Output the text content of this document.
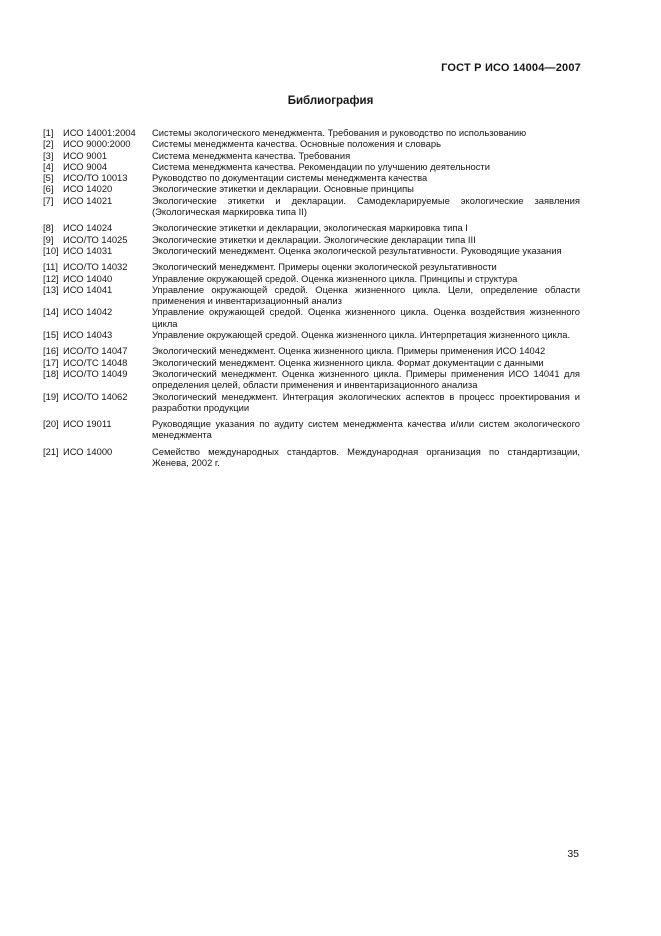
ГОСТ Р ИСО 14004—2007
Библиография
[1]	ИСО 14001:2004 Системы экологического менеджмента. Требования и руководство по использованию
[2]	ИСО 9000:2000 Системы менеджмента качества. Основные положения и словарь
[3]	ИСО 9001	Система менеджмента качества. Требования
[4]	ИСО 9004	Система менеджмента качества. Рекомендации по улучшению деятельности
[5]	ИСО/ТО 10013	Руководство по документации системы менеджмента качества
[6]	ИСО 14020	Экологические этикетки и декларации. Основные принципы
[7]	ИСО 14021	Экологические этикетки и декларации. Самодекларируемые экологические заявления (Экологическая маркировка типа II)
[8]	ИСО 14024	Экологические этикетки и декларации, экологическая маркировка типа I
[9]	ИСО/ТО 14025	Экологические этикетки и декларации. Экологические декларации типа III
[10] ИСО 14031	Экологический менеджмент. Оценка экологической результативности. Руководящие указания
[11] ИСО/ТО 14032	Экологический менеджмент. Примеры оценки экологической результативности
[12] ИСО 14040	Управление окружающей средой. Оценка жизненного цикла. Принципы и структура
[13] ИСО 14041	Управление окружающей средой. Оценка жизненного цикла. Цели, определение области применения и инвентаризационный анализ
[14] ИСО 14042	Управление окружающей средой. Оценка жизненного цикла. Оценка воздействия жизненного цикла
[15] ИСО 14043	Управление окружающей средой. Оценка жизненного цикла. Интерпретация жизненного цикла.
[16] ИСО/ТО 14047	Экологический менеджмент. Оценка жизненного цикла. Примеры применения ИСО 14042
[17] ИСО/ТС 14048	Экологический менеджмент. Оценка жизненного цикла. Формат документации с данными
[18] ИСО/ТО 14049	Экологический менеджмент. Оценка жизненного цикла. Примеры применения ИСО 14041 для определения целей, области применения и инвентаризационного анализа
[19] ИСО/ТО 14062	Экологический менеджмент. Интеграция экологических аспектов в процесс проектирования и разработки продукции
[20] ИСО 19011	Руководящие указания по аудиту систем менеджмента качества и/или систем экологического менеджмента
[21] ИСО 14000	Семейство международных стандартов. Международная организация по стандартизации, Женева, 2002 г.
35
